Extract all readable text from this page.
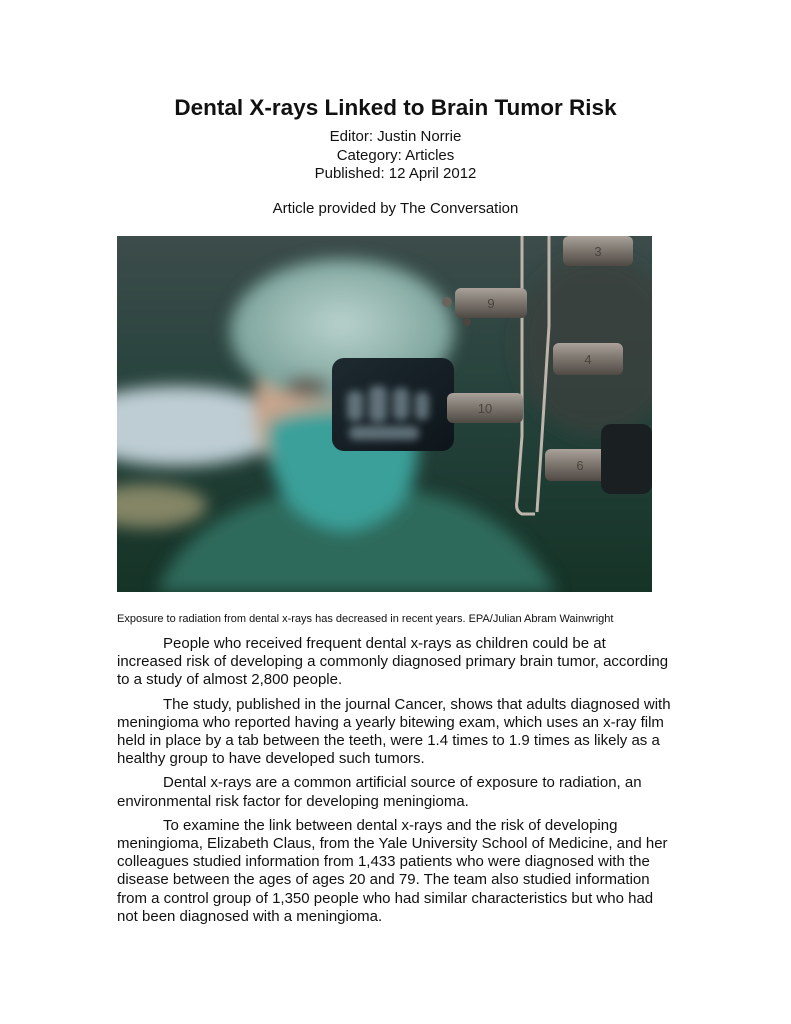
Dental X-rays Linked to Brain Tumor Risk
Editor: Justin Norrie
Category: Articles
Published: 12 April 2012
Article provided by The Conversation
3
9
4
10
6
Exposure to radiation from dental x-rays has decreased in recent years. EPA/Julian Abram Wainwright

People who received frequent dental x-rays as children could be at increased risk of developing a commonly diagnosed primary brain tumor, according to a study of almost 2,800 people.

The study, published in the journal Cancer, shows that adults diagnosed with meningioma who reported having a yearly bitewing exam, which uses an x-ray film held in place by a tab between the teeth, were 1.4 times to 1.9 times as likely as a healthy group to have developed such tumors.

Dental x-rays are a common artificial source of exposure to radiation, an environmental risk factor for developing meningioma.

To examine the link between dental x-rays and the risk of developing meningioma, Elizabeth Claus, from the Yale University School of Medicine, and her colleagues studied information from 1,433 patients who were diagnosed with the disease between the ages of ages 20 and 79. The team also studied information from a control group of 1,350 people who had similar characteristics but who had not been diagnosed with a meningioma.
